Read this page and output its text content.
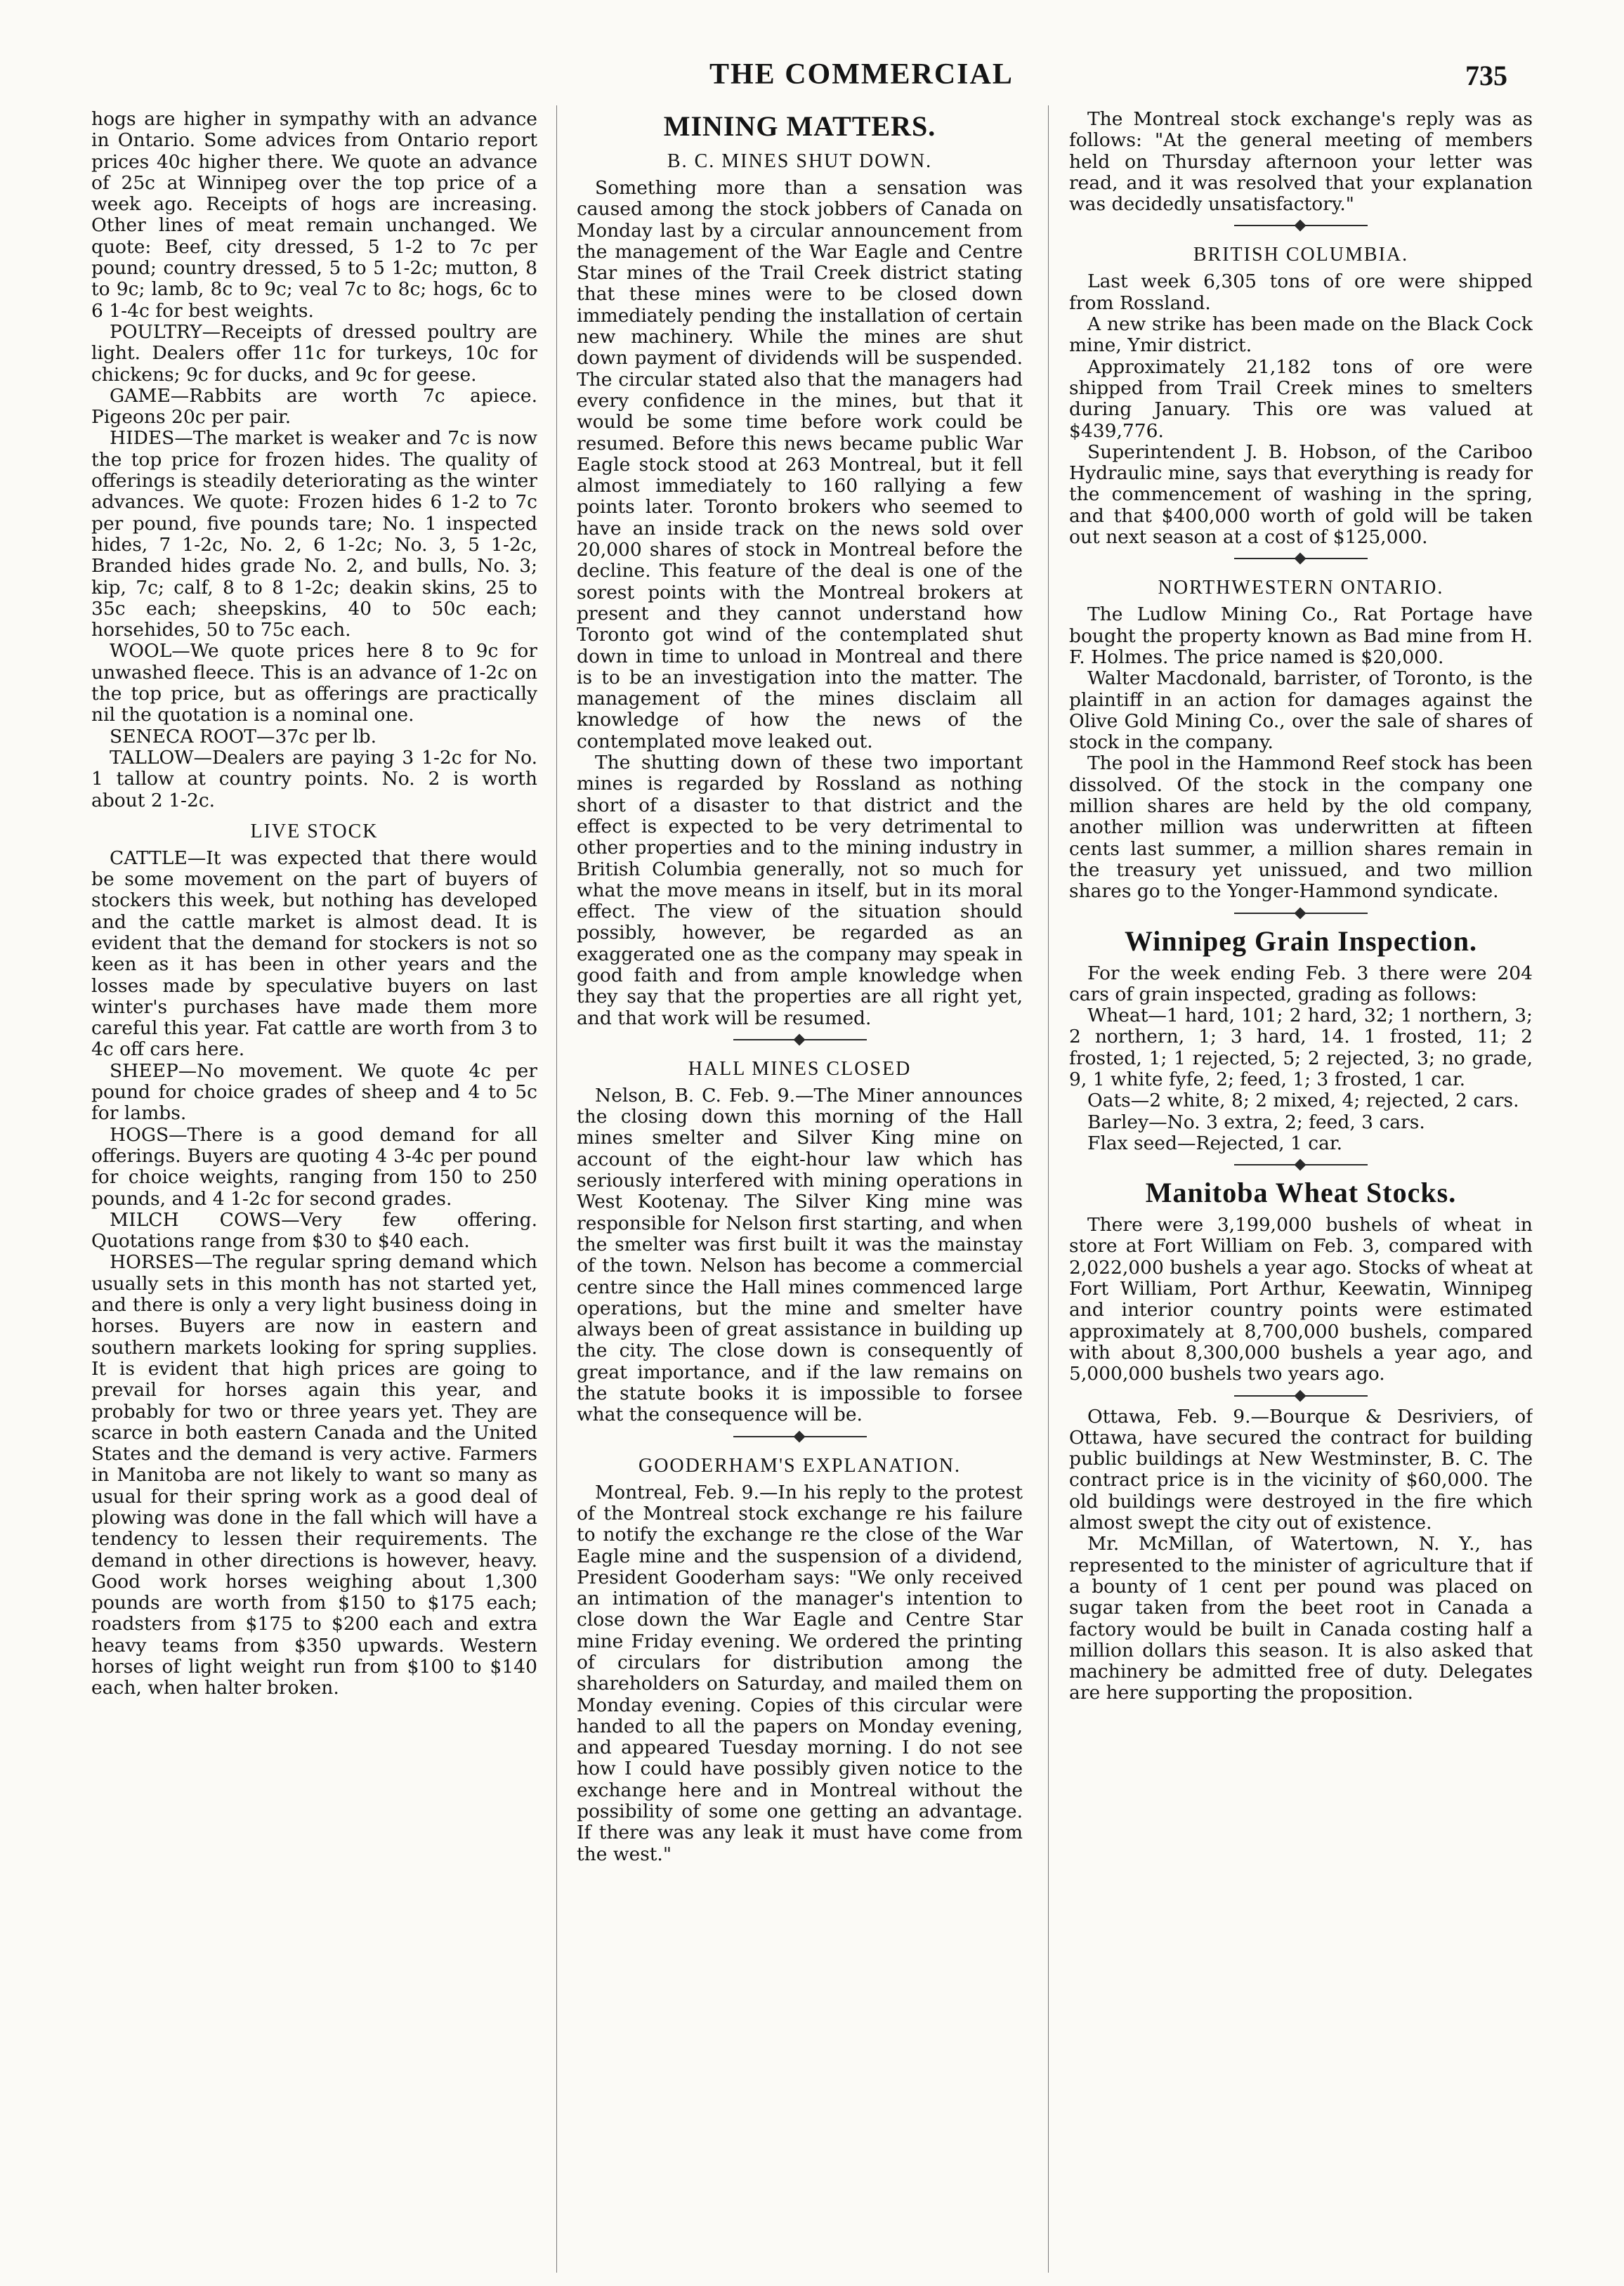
THE COMMERCIAL	735

hogs are higher in sympathy with an advance in Ontario. Some advices from Ontario report prices 40c higher there. We quote an advance of 25c at Winnipeg over the top price of a week ago. Receipts of hogs are increasing. Other lines of meat remain unchanged. We quote: Beef, city dressed, 5 1-2 to 7c per pound; country dressed, 5 to 5 1-2c; mutton, 8 to 9c; lamb, 8c to 9c; veal 7c to 8c; hogs, 6c to 6 1-4c for best weights.

POULTRY—Receipts of dressed poultry are light. Dealers offer 11c for turkeys, 10c for chickens; 9c for ducks, and 9c for geese.

GAME—Rabbits are worth 7c apiece. Pigeons 20c per pair.

HIDES—The market is weaker and 7c is now the top price for frozen hides. The quality of offerings is steadily deteriorating as the winter advances. We quote: Frozen hides 6 1-2 to 7c per pound, five pounds tare; No. 1 inspected hides, 7 1-2c, No. 2, 6 1-2c; No. 3, 5 1-2c, Branded hides grade No. 2, and bulls, No. 3; kip, 7c; calf, 8 to 8 1-2c; deakin skins, 25 to 35c each; sheepskins, 40 to 50c each; horsehides, 50 to 75c each.

WOOL—We quote prices here 8 to 9c for unwashed fleece. This is an advance of 1-2c on the top price, but as offerings are practically nil the quotation is a nominal one.

SENECA ROOT—37c per lb.

TALLOW—Dealers are paying 3 1-2c for No. 1 tallow at country points. No. 2 is worth about 2 1-2c.

LIVE STOCK

CATTLE—It was expected that there would be some movement on the part of buyers of stockers this week, but nothing has developed and the cattle market is almost dead. It is evident that the demand for stockers is not so keen as it has been in other years and the losses made by speculative buyers on last winter's purchases have made them more careful this year. Fat cattle are worth from 3 to 4c off cars here.

SHEEP—No movement. We quote 4c per pound for choice grades of sheep and 4 to 5c for lambs.

HOGS—There is a good demand for all offerings. Buyers are quoting 4 3-4c per pound for choice weights, ranging from 150 to 250 pounds, and 4 1-2c for second grades.

MILCH COWS—Very few offering. Quotations range from $30 to $40 each.

HORSES—The regular spring demand which usually sets in this month has not started yet, and there is only a very light business doing in horses. Buyers are now in eastern and southern markets looking for spring supplies. It is evident that high prices are going to prevail for horses again this year, and probably for two or three years yet. They are scarce in both eastern Canada and the United States and the demand is very active. Farmers in Manitoba are not likely to want so many as usual for their spring work as a good deal of plowing was done in the fall which will have a tendency to lessen their requirements. The demand in other directions is however, heavy. Good work horses weighing about 1,300 pounds are worth from $150 to $175 each; roadsters from $175 to $200 each and extra heavy teams from $350 upwards. Western horses of light weight run from $100 to $140 each, when halter broken.

MINING MATTERS.
B. C. MINES SHUT DOWN.

Something more than a sensation was caused among the stock jobbers of Canada on Monday last by a circular announcement from the management of the War Eagle and Centre Star mines of the Trail Creek district stating that these mines were to be closed down immediately pending the installation of certain new machinery. While the mines are shut down payment of dividends will be suspended. The circular stated also that the managers had every confidence in the mines, but that it would be some time before work could be resumed. Before this news became public War Eagle stock stood at 263 Montreal, but it fell almost immediately to 160 rallying a few points later. Toronto brokers who seemed to have an inside track on the news sold over 20,000 shares of stock in Montreal before the decline. This feature of the deal is one of the sorest points with the Montreal brokers at present and they cannot understand how Toronto got wind of the contemplated shut down in time to unload in Montreal and there is to be an investigation into the matter. The management of the mines disclaim all knowledge of how the news of the contemplated move leaked out.

The shutting down of these two important mines is regarded by Rossland as nothing short of a disaster to that district and the effect is expected to be very detrimental to other properties and to the mining industry in British Columbia generally, not so much for what the move means in itself, but in its moral effect. The view of the situation should possibly, however, be regarded as an exaggerated one as the company may speak in good faith and from ample knowledge when they say that the properties are all right yet, and that work will be resumed.

HALL MINES CLOSED

Nelson, B. C. Feb. 9.—The Miner announces the closing down this morning of the Hall mines smelter and Silver King mine on account of the eight-hour law which has seriously interfered with mining operations in West Kootenay. The Silver King mine was responsible for Nelson first starting, and when the smelter was first built it was the mainstay of the town. Nelson has become a commercial centre since the Hall mines commenced large operations, but the mine and smelter have always been of great assistance in building up the city. The close down is consequently of great importance, and if the law remains on the statute books it is impossible to forsee what the consequence will be.

GOODERHAM'S EXPLANATION.

Montreal, Feb. 9.—In his reply to the protest of the Montreal stock exchange re his failure to notify the exchange re the close of the War Eagle mine and the suspension of a dividend, President Gooderham says: "We only received an intimation of the manager's intention to close down the War Eagle and Centre Star mine Friday evening. We ordered the printing of circulars for distribution among the shareholders on Saturday, and mailed them on Monday evening. Copies of this circular were handed to all the papers on Monday evening, and appeared Tuesday morning. I do not see how I could have possibly given notice to the exchange here and in Montreal without the possibility of some one getting an advantage. If there was any leak it must have come from the west."

The Montreal stock exchange's reply was as follows: "At the general meeting of members held on Thursday afternoon your letter was read, and it was resolved that your explanation was decidedly unsatisfactory."

BRITISH COLUMBIA.

Last week 6,305 tons of ore were shipped from Rossland.

A new strike has been made on the Black Cock mine, Ymir district.

Approximately 21,182 tons of ore were shipped from Trail Creek mines to smelters during January. This ore was valued at $439,776.

Superintendent J. B. Hobson, of the Cariboo Hydraulic mine, says that everything is ready for the commencement of washing in the spring, and that $400,000 worth of gold will be taken out next season at a cost of $125,000.

NORTHWESTERN ONTARIO.

The Ludlow Mining Co., Rat Portage have bought the property known as Bad mine from H. F. Holmes. The price named is $20,000.

Walter Macdonald, barrister, of Toronto, is the plaintiff in an action for damages against the Olive Gold Mining Co., over the sale of shares of stock in the company.

The pool in the Hammond Reef stock has been dissolved. Of the stock in the company one million shares are held by the old company, another million was underwritten at fifteen cents last summer, a million shares remain in the treasury yet unissued, and two million shares go to the Yonger-Hammond syndicate.

Winnipeg Grain Inspection.

For the week ending Feb. 3 there were 204 cars of grain inspected, grading as follows:

Wheat—1 hard, 101; 2 hard, 32; 1 northern, 3; 2 northern, 1; 3 hard, 14. 1 frosted, 11; 2 frosted, 1; 1 rejected, 5; 2 rejected, 3; no grade, 9, 1 white fyfe, 2; feed, 1; 3 frosted, 1 car.

Oats—2 white, 8; 2 mixed, 4; rejected, 2 cars.

Barley—No. 3 extra, 2; feed, 3 cars.

Flax seed—Rejected, 1 car.

Manitoba Wheat Stocks.

There were 3,199,000 bushels of wheat in store at Fort William on Feb. 3, compared with 2,022,000 bushels a year ago. Stocks of wheat at Fort William, Port Arthur, Keewatin, Winnipeg and interior country points were estimated approximately at 8,700,000 bushels, compared with about 8,300,000 bushels a year ago, and 5,000,000 bushels two years ago.

Ottawa, Feb. 9.—Bourque & Desriviers, of Ottawa, have secured the contract for building public buildings at New Westminster, B. C. The contract price is in the vicinity of $60,000. The old buildings were destroyed in the fire which almost swept the city out of existence.

Mr. McMillan, of Watertown, N. Y., has represented to the minister of agriculture that if a bounty of 1 cent per pound was placed on sugar taken from the beet root in Canada a factory would be built in Canada costing half a million dollars this season. It is also asked that machinery be admitted free of duty. Delegates are here supporting the proposition.
